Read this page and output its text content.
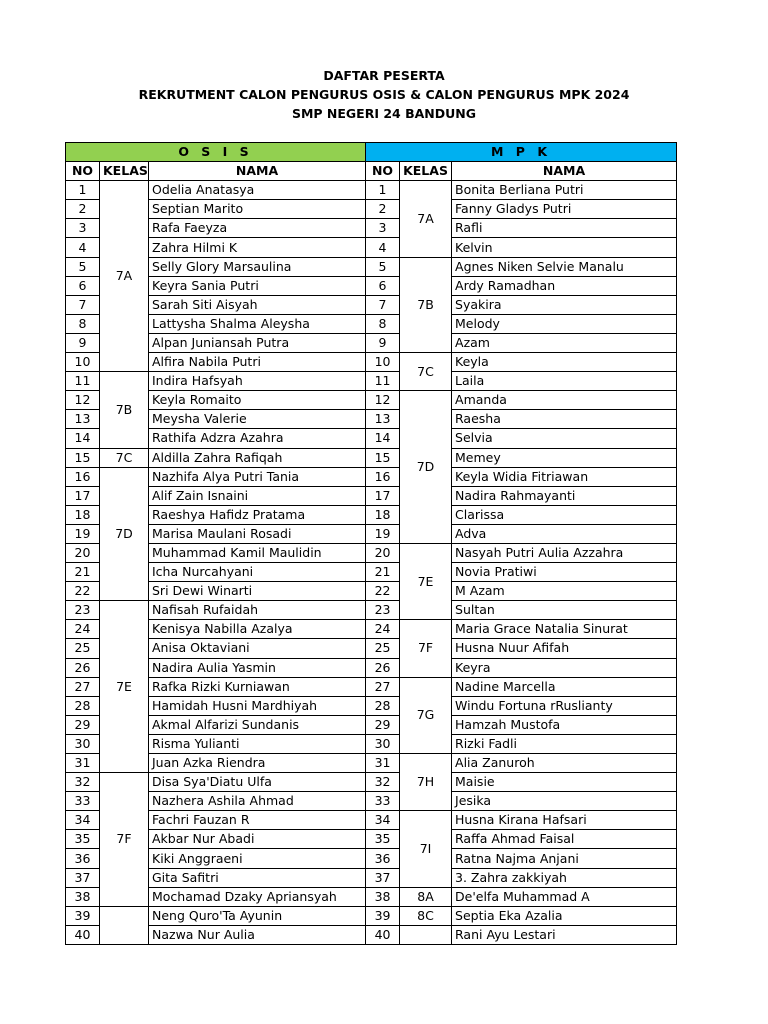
DAFTAR PESERTA
REKRUTMENT CALON PENGURUS OSIS & CALON PENGURUS MPK 2024
SMP NEGERI 24 BANDUNG
O S I S			M P K		
NO	KELAS	NAMA	NO	KELAS	NAMA
1	7A	Odelia Anatasya	1	7A	Bonita Berliana Putri
2		Septian Marito	2		Fanny Gladys Putri
3		Rafa Faeyza	3		Rafli
4		Zahra Hilmi K	4		Kelvin
5		Selly Glory Marsaulina	5	7B	Agnes Niken Selvie Manalu
6		Keyra Sania Putri	6		Ardy Ramadhan
7		Sarah Siti Aisyah	7		Syakira
8		Lattysha Shalma Aleysha	8		Melody
9		Alpan Juniansah Putra	9		Azam
10		Alfira Nabila Putri	10	7C	Keyla
11	7B	Indira Hafsyah	11		Laila
12		Keyla Romaito	12	7D	Amanda
13		Meysha Valerie	13		Raesha
14		Rathifa Adzra Azahra	14		Selvia
15	7C	Aldilla Zahra Rafiqah	15		Memey
16	7D	Nazhifa Alya Putri Tania	16		Keyla Widia Fitriawan
17		Alif Zain Isnaini	17		Nadira Rahmayanti
18		Raeshya Hafidz Pratama	18		Clarissa
19		Marisa Maulani Rosadi	19		Adva
20		Muhammad Kamil Maulidin	20	7E	Nasyah Putri Aulia Azzahra
21		Icha Nurcahyani	21		Novia Pratiwi
22		Sri Dewi Winarti	22		M Azam
23	7E	Nafisah Rufaidah	23		Sultan
24		Kenisya Nabilla Azalya	24	7F	Maria Grace Natalia Sinurat
25		Anisa Oktaviani	25		Husna Nuur Afifah
26		Nadira Aulia Yasmin	26		Keyra
27		Rafka Rizki Kurniawan	27	7G	Nadine Marcella
28		Hamidah Husni Mardhiyah	28		Windu Fortuna rRuslianty
29		Akmal Alfarizi Sundanis	29		Hamzah Mustofa
30		Risma Yulianti	30		Rizki Fadli
31		Juan Azka Riendra	31	7H	Alia Zanuroh
32	7F	Disa Sya'Diatu Ulfa	32		Maisie
33		Nazhera Ashila Ahmad	33		Jesika
34		Fachri Fauzan R	34	7I	Husna Kirana Hafsari
35		Akbar Nur Abadi	35		Raffa Ahmad Faisal
36		Kiki Anggraeni	36		Ratna Najma Anjani
37		Gita Safitri	37		3. Zahra zakkiyah
38		Mochamad Dzaky Apriansyah	38	8A	De'elfa Muhammad A
39		Neng Quro'Ta Ayunin	39	8C	Septia Eka Azalia
40		Nazwa Nur Aulia	40		Rani Ayu Lestari
